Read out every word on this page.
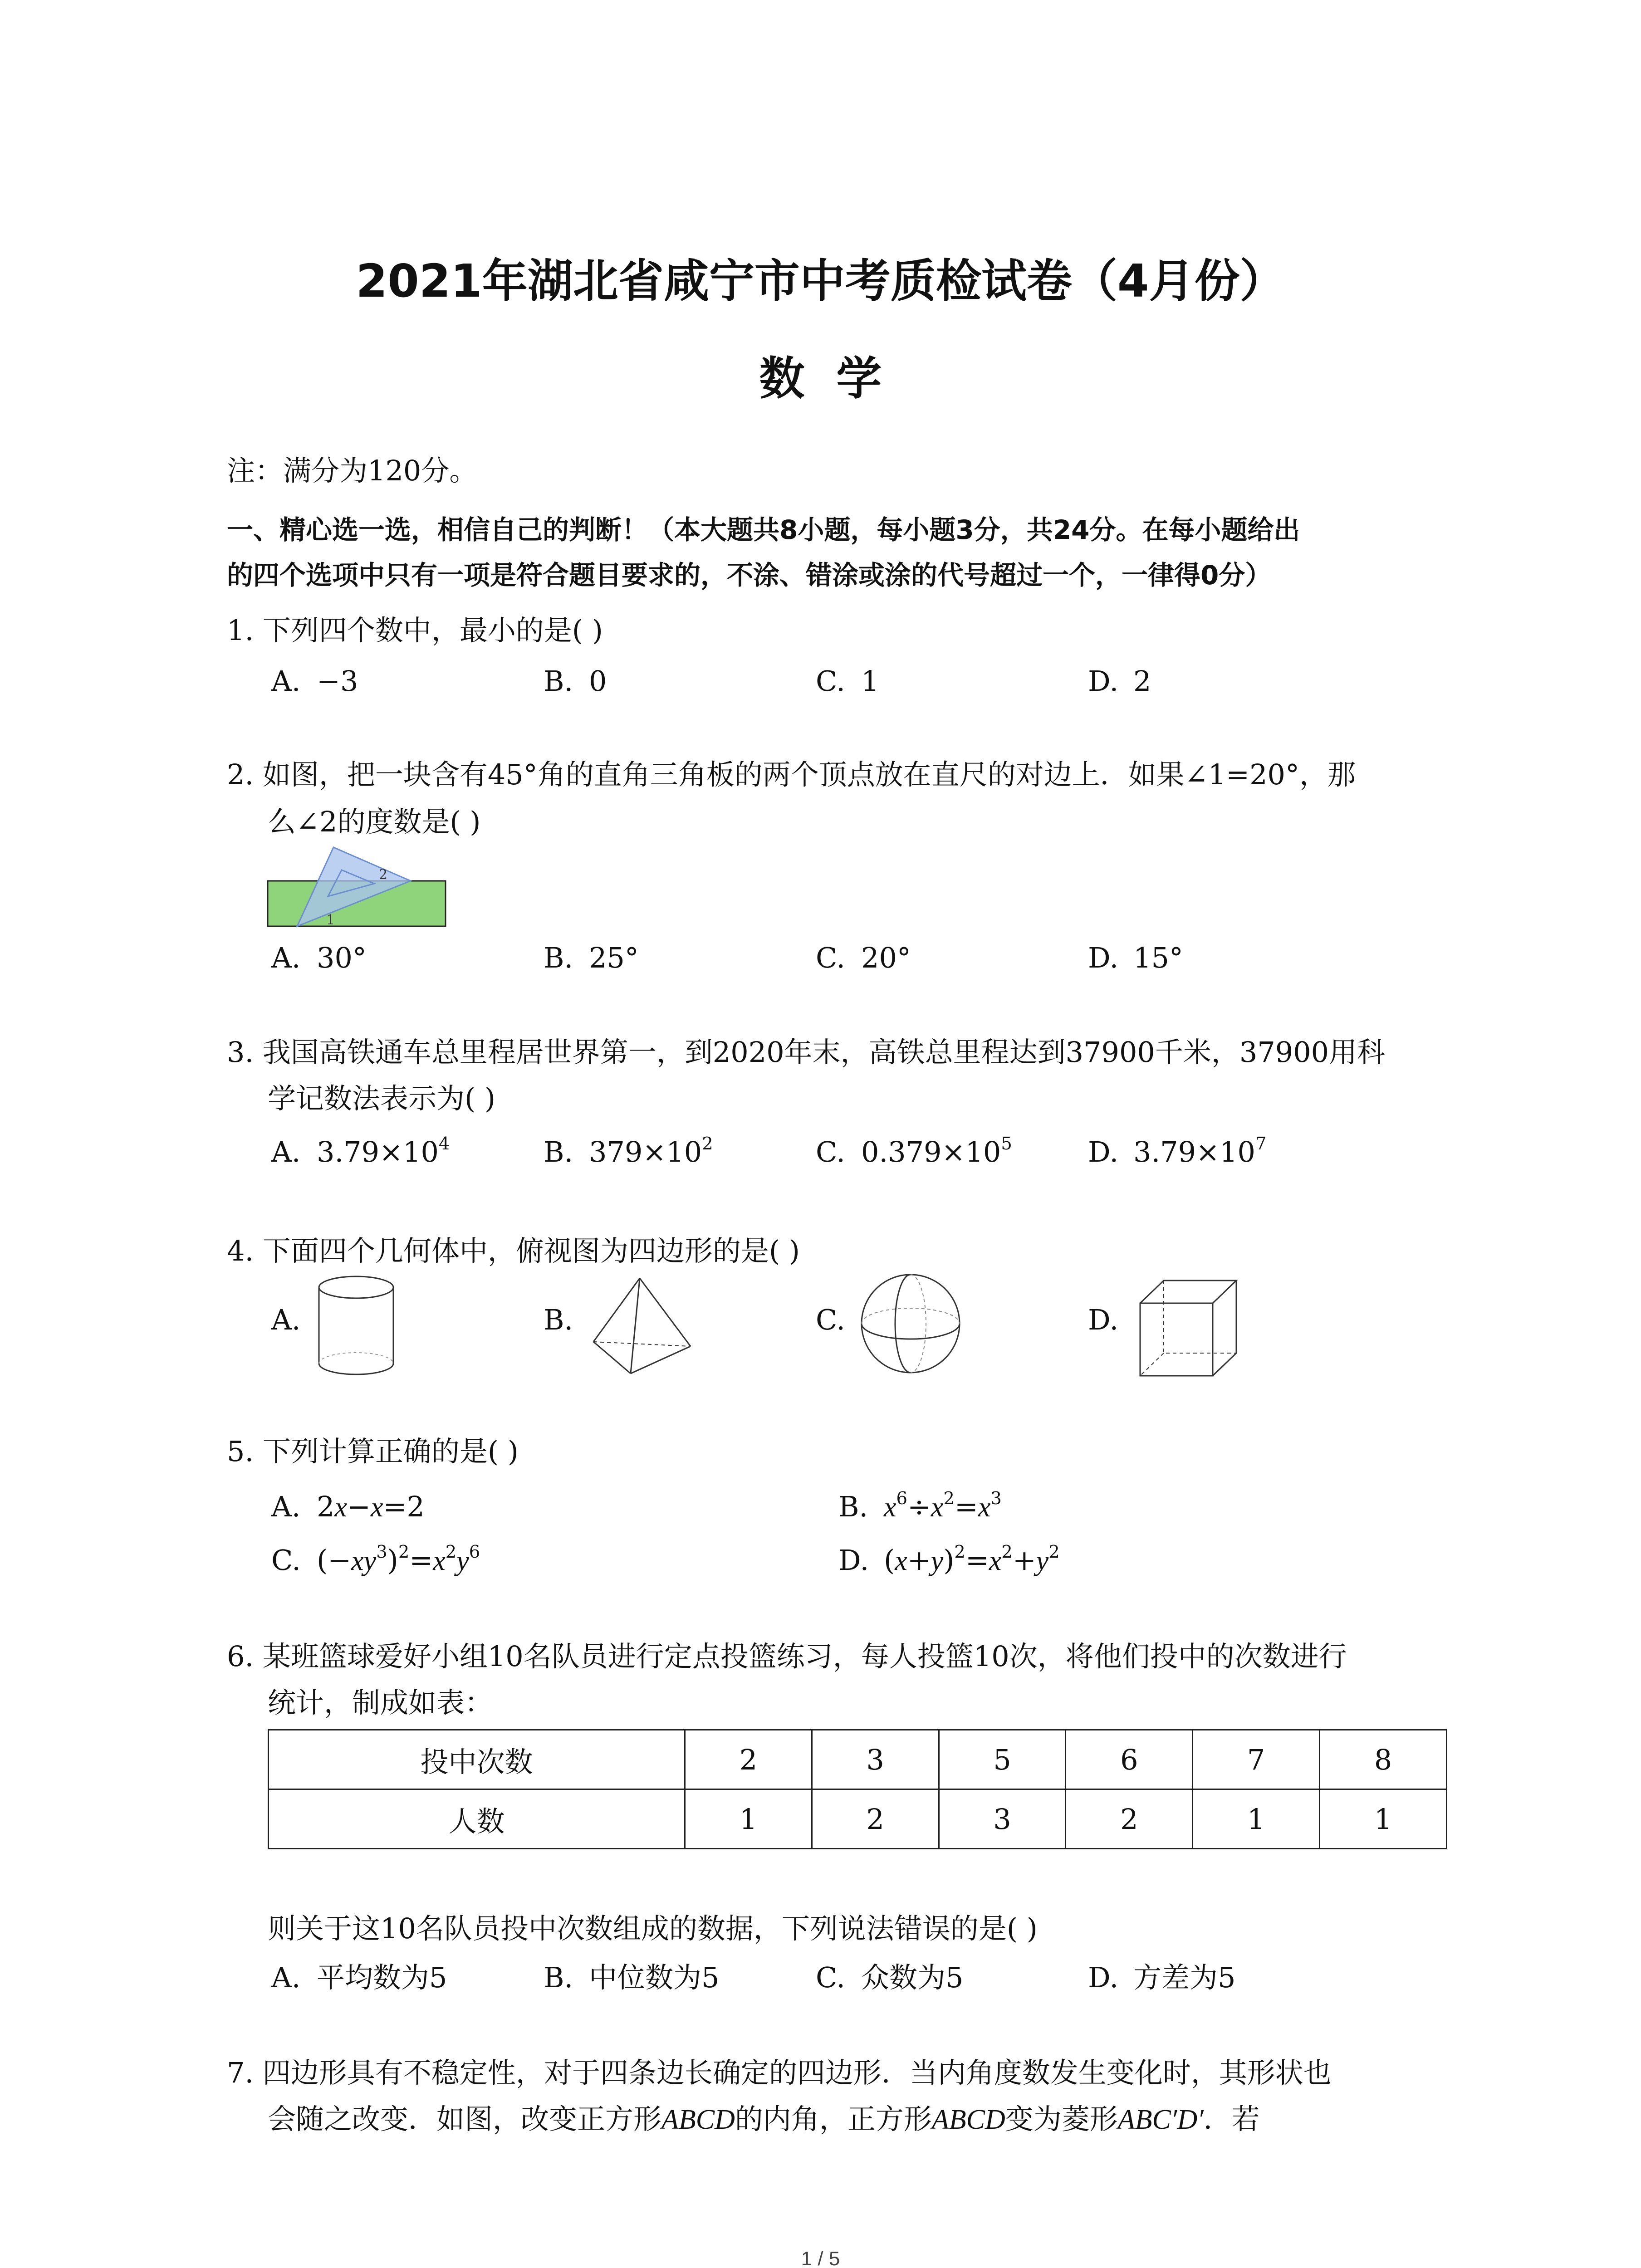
2021年湖北省咸宁市中考质检试卷（4月份）
数  学
注：满分为120分。
一、精心选一选，相信自己的判断！（本大题共8小题，每小题3分，共24分。在每小题给出
的四个选项中只有一项是符合题目要求的，不涂、错涂或涂的代号超过一个，一律得0分）
1. 下列四个数中，最小的是( )
A. −3	B. 0	C. 1	D. 2
2. 如图，把一块含有45°角的直角三角板的两个顶点放在直尺的对边上．如果∠1=20°，那
么∠2的度数是( )
2
1
A. 30°	B. 25°	C. 20°	D. 15°
3. 我国高铁通车总里程居世界第一，到2020年末，高铁总里程达到37900千米，37900用科
学记数法表示为( )
A. $3.79\times 10^4$	B. $379\times 10^2$	C. $0.379\times 10^5$	D. $3.79\times 10^7$
4. 下面四个几何体中，俯视图为四边形的是( )
A.	B.	C.	D.
5. 下列计算正确的是( )
A. 2x−x=2	B. $x^6\div x^2=x^3$
C. $(-xy^3)^2=x^2y^6$	D. $(x+y)^2=x^2+y^2$
6. 某班篮球爱好小组10名队员进行定点投篮练习，每人投篮10次，将他们投中的次数进行
统计，制成如表：
投中次数	2	3	5	6	7	8
人数	1	2	3	2	1	1
则关于这10名队员投中次数组成的数据，下列说法错误的是( )
A. 平均数为5	B. 中位数为5	C. 众数为5	D. 方差为5
7. 四边形具有不稳定性，对于四条边长确定的四边形．当内角度数发生变化时，其形状也
会随之改变．如图，改变正方形ABCD的内角，正方形ABCD变为菱形ABC′D′．若
1 / 5
